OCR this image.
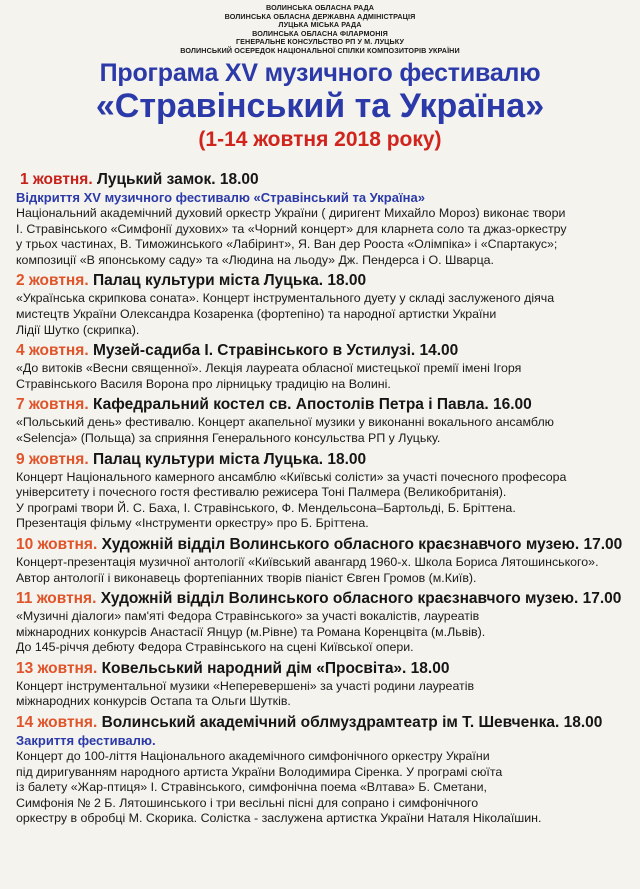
ВОЛИНСЬКА ОБЛАСНА РАДА
ВОЛИНСЬКА ОБЛАСНА ДЕРЖАВНА АДМІНІСТРАЦІЯ
ЛУЦЬКА МІСЬКА РАДА
ВОЛИНСЬКА ОБЛАСНА ФІЛАРМОНІЯ
ГЕНЕРАЛЬНЕ КОНСУЛЬСТВО РП У М. ЛУЦЬКУ
ВОЛИНСЬКИЙ ОСЕРЕДОК НАЦІОНАЛЬНОЇ СПІЛКИ КОМПОЗИТОРІВ УКРАЇНИ
Програма XV музичного фестивалю
«Стравінський та Україна»
(1-14 жовтня 2018 року)
1 жовтня. Луцький замок. 18.00
Відкриття XV музичного фестивалю «Стравінський та Україна»
Національний академічний духовий оркестр України ( диригент Михайло Мороз) виконає твори
І. Стравінського «Симфонії духових» та «Чорний концерт» для кларнета соло та джаз-оркестру
у трьох частинах, В. Тиможинського «Лабіринт», Я. Ван дер Рооста «Олімпіка» і «Спартакус»;
композиції «В японському саду» та «Людина на льоду» Дж. Пендерса і О. Шварца.
2 жовтня. Палац культури міста Луцька. 18.00
«Українська скрипкова соната». Концерт інструментального дуету у складі заслуженого діяча
мистецтв України Олександра Козаренка (фортепіно) та народної артистки України
Лідії Шутко (скрипка).
4 жовтня. Музей-садиба І. Стравінського в Устилузі. 14.00
«До витоків «Весни священної». Лекція лауреата обласної мистецької премії імені Ігоря
Стравінського Василя Ворона про лірницьку традицію на Волині.
7 жовтня. Кафедральний костел св. Апостолів Петра і Павла. 16.00
«Польський день» фестивалю. Концерт акапельної музики у виконанні вокального ансамблю
«Selencja» (Польща) за сприяння Генерального консульства РП у Луцьку.
9 жовтня. Палац культури міста Луцька. 18.00
Концерт Національного камерного ансамблю «Київські солісти» за участі почесного професора
університету і почесного гостя фестивалю режисера Тоні Палмера (Великобританія).
У програмі твори Й. С. Баха, І. Стравінського, Ф. Мендельсона–Бартольді, Б. Бріттена.
Презентація фільму «Інструменти оркестру» про Б. Бріттена.
10 жовтня. Художній відділ Волинського обласного краєзнавчого музею. 17.00
Концерт-презентація музичної антології «Київський авангард 1960-х. Школа Бориса Лятошинського».
Автор антології і виконавець фортепіанних творів піаніст Євген Громов (м.Київ).
11 жовтня. Художній відділ Волинського обласного краєзнавчого музею. 17.00
«Музичні діалоги» пам'яті Федора Стравінського» за участі вокалістів, лауреатів
міжнародних конкурсів Анастасії Янцур (м.Рівне) та Романа Коренцвіта (м.Львів).
До 145-річчя дебюту Федора Стравінського на сцені Київської опери.
13 жовтня. Ковельський народний дім «Просвіта». 18.00
Концерт інструментальної музики «Неперевершені» за участі родини лауреатів
міжнародних конкурсів Остапа та Ольги Шутків.
14 жовтня. Волинський академічний облмуздрамтеатр ім Т. Шевченка. 18.00
Закриття фестивалю.
Концерт до 100-ліття Національного академічного симфонічного оркестру України
під диригуванням народного артиста України Володимира Сіренка. У програмі сюїта
із балету «Жар-птиця» І. Стравінського, симфонічна поема «Влтава» Б. Сметани,
Симфонія № 2 Б. Лятошинського і три весільні пісні для сопрано і симфонічного
оркестру в обробці М. Скорика. Солістка - заслужена артистка України Наталя Ніколаїшин.
